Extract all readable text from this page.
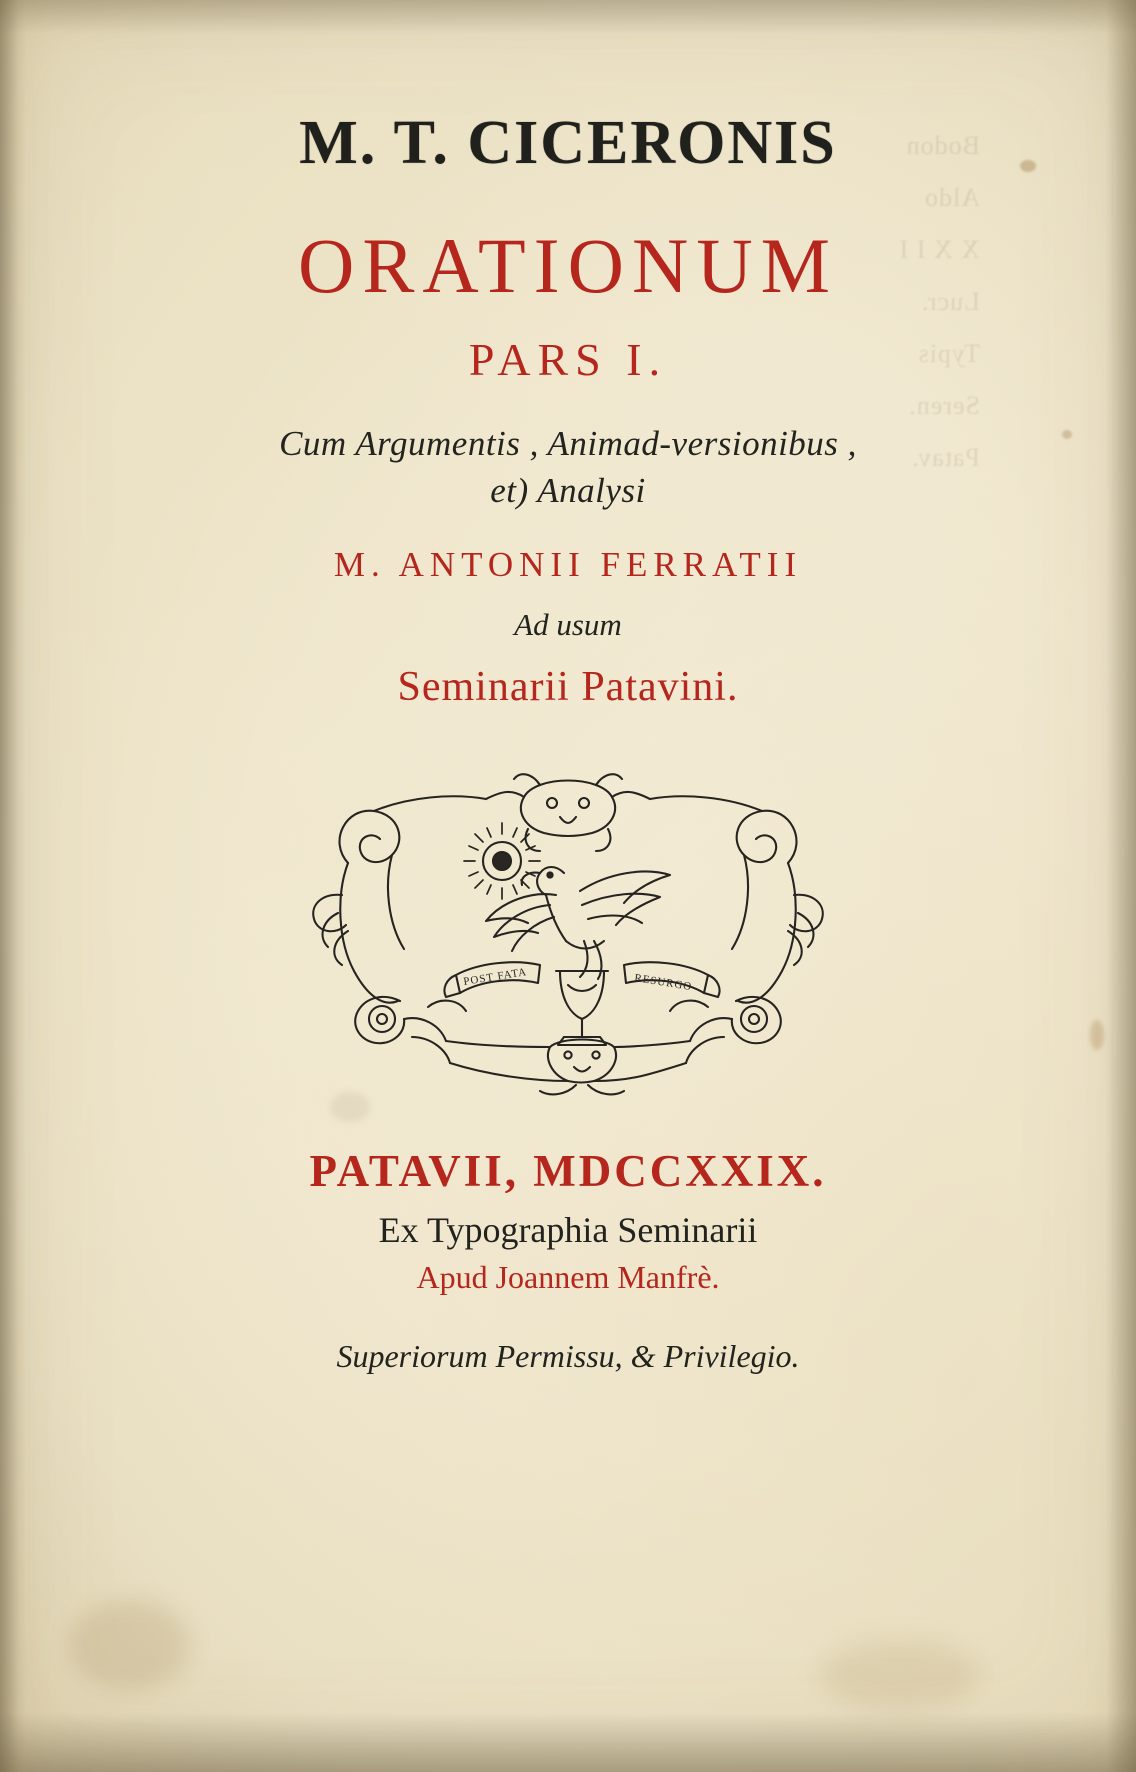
Bodon
Aldo
X X I I
Lucr.
Typis
Seren.
Patav.
M. T. CICERONIS
ORATIONUM
PARS I.
Cum Argumentis , Animad-versionibus ,
et) Analysi
M. ANTONII FERRATII
Ad usum
Seminarii Patavini.
POST FATA	RESURGO
PATAVII, MDCCXXIX.
Ex Typographia Seminarii
Apud Joannem Manfrè.
Superiorum Permissu, & Privilegio.
